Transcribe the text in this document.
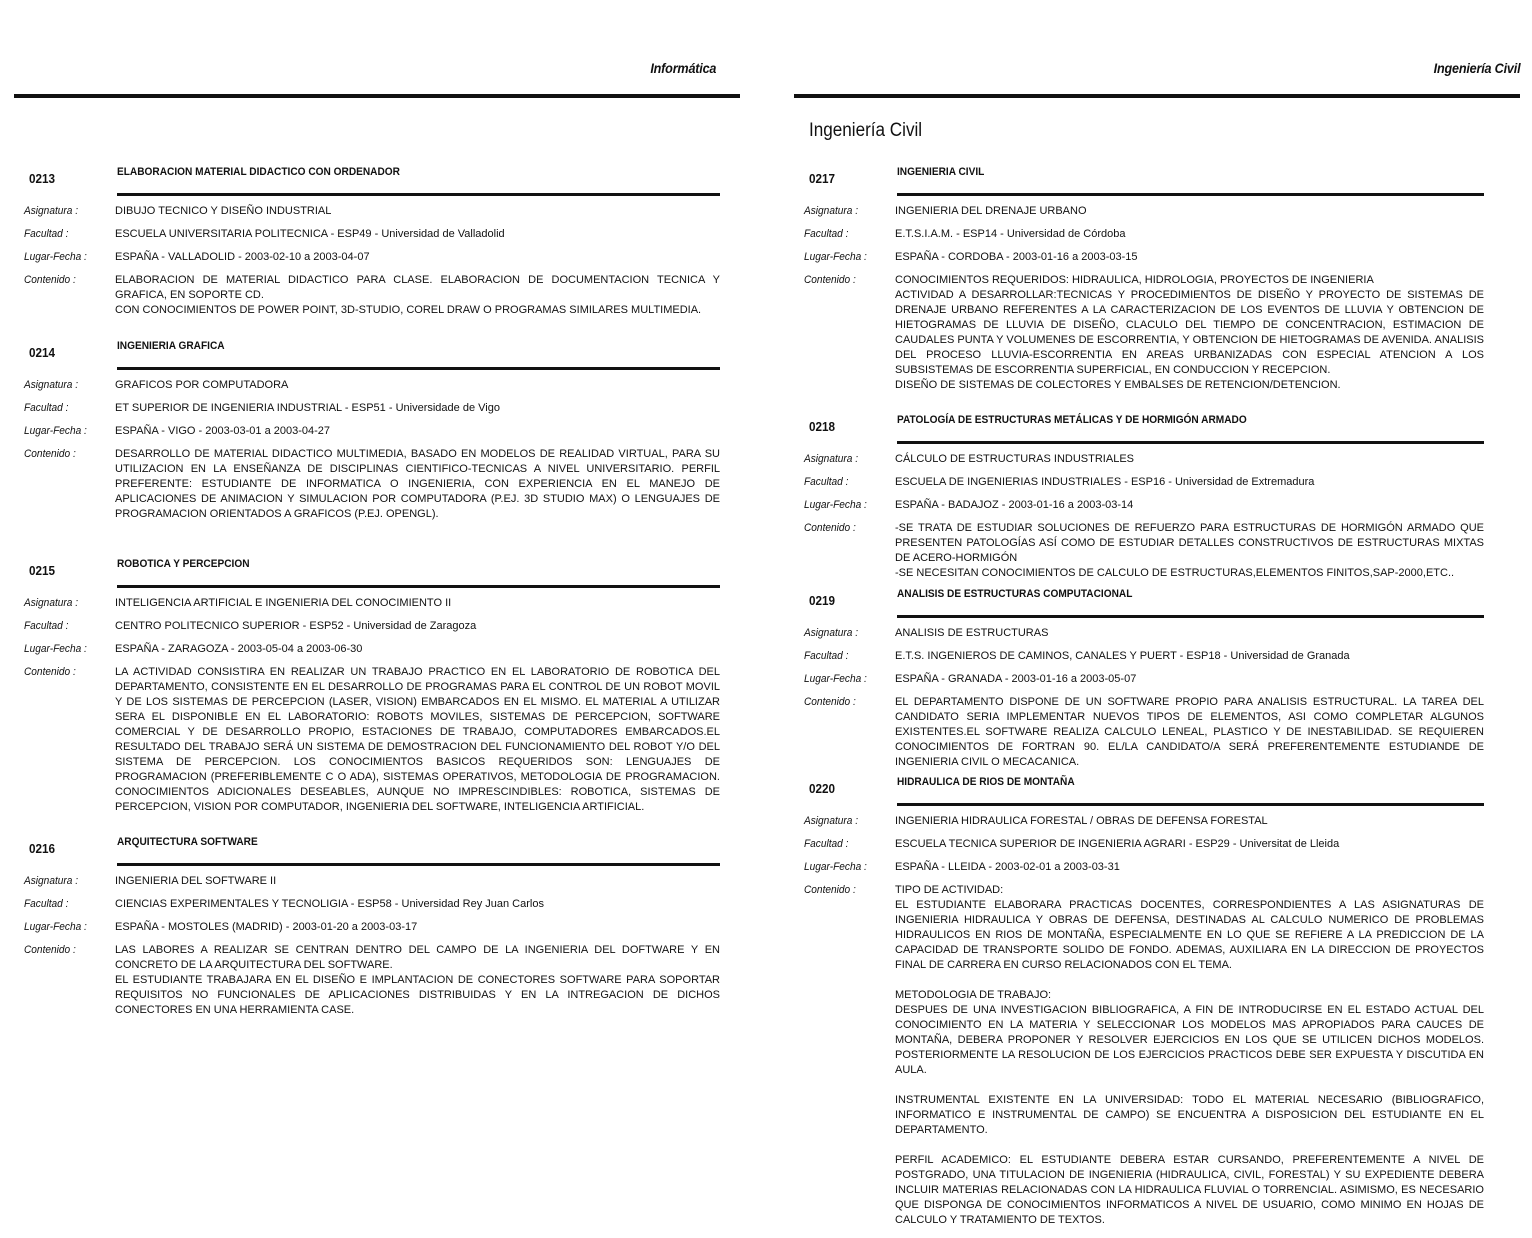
Informática
0213	ELABORACION MATERIAL DIDACTICO CON ORDENADOR
Asignatura :	DIBUJO TECNICO Y DISEÑO INDUSTRIAL
Facultad :	ESCUELA UNIVERSITARIA POLITECNICA - ESP49 - Universidad de Valladolid
Lugar-Fecha :	ESPAÑA - VALLADOLID - 2003-02-10 a 2003-04-07
Contenido :	ELABORACION DE MATERIAL DIDACTICO PARA CLASE. ELABORACION DE DOCUMENTACION TECNICA Y GRAFICA, EN SOPORTE CD.

CON CONOCIMIENTOS DE POWER POINT, 3D-STUDIO, COREL DRAW O PROGRAMAS SIMILARES MULTIMEDIA.

0214	INGENIERIA GRAFICA
Asignatura :	GRAFICOS POR COMPUTADORA
Facultad :	ET SUPERIOR DE INGENIERIA INDUSTRIAL - ESP51 - Universidade de Vigo
Lugar-Fecha :	ESPAÑA - VIGO - 2003-03-01 a 2003-04-27
Contenido :	DESARROLLO DE MATERIAL DIDACTICO MULTIMEDIA, BASADO EN MODELOS DE REALIDAD VIRTUAL, PARA SU UTILIZACION EN LA ENSEÑANZA DE DISCIPLINAS CIENTIFICO-TECNICAS A NIVEL UNIVERSITARIO. PERFIL PREFERENTE: ESTUDIANTE DE INFORMATICA O INGENIERIA, CON EXPERIENCIA EN EL MANEJO DE APLICACIONES DE ANIMACION Y SIMULACION POR COMPUTADORA (P.EJ. 3D STUDIO MAX) O LENGUAJES DE PROGRAMACION ORIENTADOS A GRAFICOS (P.EJ. OPENGL).

0215	ROBOTICA Y PERCEPCION
Asignatura :	INTELIGENCIA ARTIFICIAL E INGENIERIA DEL CONOCIMIENTO II
Facultad :	CENTRO POLITECNICO SUPERIOR - ESP52 - Universidad de Zaragoza
Lugar-Fecha :	ESPAÑA - ZARAGOZA - 2003-05-04 a 2003-06-30
Contenido :	LA ACTIVIDAD CONSISTIRA EN REALIZAR UN TRABAJO PRACTICO EN EL LABORATORIO DE ROBOTICA DEL DEPARTAMENTO, CONSISTENTE EN EL DESARROLLO DE PROGRAMAS PARA EL CONTROL DE UN ROBOT MOVIL Y DE LOS SISTEMAS DE PERCEPCION (LASER, VISION) EMBARCADOS EN EL MISMO. EL MATERIAL A UTILIZAR SERA EL DISPONIBLE EN EL LABORATORIO: ROBOTS MOVILES, SISTEMAS DE PERCEPCION, SOFTWARE COMERCIAL Y DE DESARROLLO PROPIO, ESTACIONES DE TRABAJO, COMPUTADORES EMBARCADOS.EL RESULTADO DEL TRABAJO SERÁ UN SISTEMA DE DEMOSTRACION DEL FUNCIONAMIENTO DEL ROBOT Y/O DEL SISTEMA DE PERCEPCION. LOS CONOCIMIENTOS BASICOS REQUERIDOS SON: LENGUAJES DE PROGRAMACION (PREFERIBLEMENTE C O ADA), SISTEMAS OPERATIVOS, METODOLOGIA DE PROGRAMACION. CONOCIMIENTOS ADICIONALES DESEABLES, AUNQUE NO IMPRESCINDIBLES: ROBOTICA, SISTEMAS DE PERCEPCION, VISION POR COMPUTADOR, INGENIERIA DEL SOFTWARE, INTELIGENCIA ARTIFICIAL.

0216	ARQUITECTURA SOFTWARE
Asignatura :	INGENIERIA DEL SOFTWARE II
Facultad :	CIENCIAS EXPERIMENTALES Y TECNOLIGIA - ESP58 - Universidad Rey Juan Carlos
Lugar-Fecha :	ESPAÑA - MOSTOLES (MADRID) - 2003-01-20 a 2003-03-17
Contenido :	LAS LABORES A REALIZAR SE CENTRAN DENTRO DEL CAMPO DE LA INGENIERIA DEL DOFTWARE Y EN CONCRETO DE LA ARQUITECTURA DEL SOFTWARE.

EL ESTUDIANTE TRABAJARA EN EL DISEÑO E IMPLANTACION DE CONECTORES SOFTWARE PARA SOPORTAR REQUISITOS NO FUNCIONALES DE APLICACIONES DISTRIBUIDAS Y EN LA INTREGACION DE DICHOS CONECTORES EN UNA HERRAMIENTA CASE.

Ingeniería Civil
Ingeniería Civil
0217	INGENIERIA CIVIL
Asignatura :	INGENIERIA DEL DRENAJE URBANO
Facultad :	E.T.S.I.A.M. - ESP14 - Universidad de Córdoba
Lugar-Fecha :	ESPAÑA - CORDOBA - 2003-01-16 a 2003-03-15
Contenido :	CONOCIMIENTOS REQUERIDOS: HIDRAULICA, HIDROLOGIA, PROYECTOS DE INGENIERIA

ACTIVIDAD A DESARROLLAR:TECNICAS Y PROCEDIMIENTOS DE DISEÑO Y PROYECTO DE SISTEMAS DE DRENAJE URBANO REFERENTES A LA CARACTERIZACION DE LOS EVENTOS DE LLUVIA Y OBTENCION DE HIETOGRAMAS DE LLUVIA DE DISEÑO, CLACULO DEL TIEMPO DE CONCENTRACION, ESTIMACION DE CAUDALES PUNTA Y VOLUMENES DE ESCORRENTIA, Y OBTENCION DE HIETOGRAMAS DE AVENIDA. ANALISIS DEL PROCESO LLUVIA-ESCORRENTIA EN AREAS URBANIZADAS CON ESPECIAL ATENCION A LOS SUBSISTEMAS DE ESCORRENTIA SUPERFICIAL, EN CONDUCCION Y RECEPCION.

DISEÑO DE SISTEMAS DE COLECTORES Y EMBALSES DE RETENCION/DETENCION.

0218	PATOLOGÍA DE ESTRUCTURAS METÁLICAS Y DE HORMIGÓN ARMADO
Asignatura :	CÁLCULO DE ESTRUCTURAS INDUSTRIALES
Facultad :	ESCUELA DE INGENIERIAS INDUSTRIALES - ESP16 - Universidad de Extremadura
Lugar-Fecha :	ESPAÑA - BADAJOZ - 2003-01-16 a 2003-03-14
Contenido :	-SE TRATA DE ESTUDIAR SOLUCIONES DE REFUERZO PARA ESTRUCTURAS DE HORMIGÓN ARMADO QUE PRESENTEN PATOLOGÍAS ASÍ COMO DE ESTUDIAR DETALLES CONSTRUCTIVOS DE ESTRUCTURAS MIXTAS DE ACERO-HORMIGÓN

-SE NECESITAN CONOCIMIENTOS DE CALCULO DE ESTRUCTURAS,ELEMENTOS FINITOS,SAP-2000,ETC..

0219	ANALISIS DE ESTRUCTURAS COMPUTACIONAL
Asignatura :	ANALISIS DE ESTRUCTURAS
Facultad :	E.T.S. INGENIEROS DE CAMINOS, CANALES Y PUERT - ESP18 - Universidad de Granada
Lugar-Fecha :	ESPAÑA - GRANADA - 2003-01-16 a 2003-05-07
Contenido :	EL DEPARTAMENTO DISPONE DE UN SOFTWARE PROPIO PARA ANALISIS ESTRUCTURAL. LA TAREA DEL CANDIDATO SERIA IMPLEMENTAR NUEVOS TIPOS DE ELEMENTOS, ASI COMO COMPLETAR ALGUNOS EXISTENTES.EL SOFTWARE REALIZA CALCULO LENEAL, PLASTICO Y DE INESTABILIDAD. SE REQUIEREN CONOCIMIENTOS DE FORTRAN 90. EL/LA CANDIDATO/A SERÁ PREFERENTEMENTE ESTUDIANDE DE INGENIERIA CIVIL O MECACANICA.

0220	HIDRAULICA DE RIOS DE MONTAÑA
Asignatura :	INGENIERIA HIDRAULICA FORESTAL / OBRAS DE DEFENSA FORESTAL
Facultad :	ESCUELA TECNICA SUPERIOR DE INGENIERIA AGRARI - ESP29 - Universitat de Lleida
Lugar-Fecha :	ESPAÑA - LLEIDA - 2003-02-01 a 2003-03-31
Contenido :	TIPO DE ACTIVIDAD:

EL ESTUDIANTE ELABORARA PRACTICAS DOCENTES, CORRESPONDIENTES A LAS ASIGNATURAS DE INGENIERIA HIDRAULICA Y OBRAS DE DEFENSA, DESTINADAS AL CALCULO NUMERICO DE PROBLEMAS HIDRAULICOS EN RIOS DE MONTAÑA, ESPECIALMENTE EN LO QUE SE REFIERE A LA PREDICCION DE LA CAPACIDAD DE TRANSPORTE SOLIDO DE FONDO. ADEMAS, AUXILIARA EN LA DIRECCION DE PROYECTOS FINAL DE CARRERA EN CURSO RELACIONADOS CON EL TEMA.

METODOLOGIA DE TRABAJO:

DESPUES DE UNA INVESTIGACION BIBLIOGRAFICA, A FIN DE INTRODUCIRSE EN EL ESTADO ACTUAL DEL CONOCIMIENTO EN LA MATERIA Y SELECCIONAR LOS MODELOS MAS APROPIADOS PARA CAUCES DE MONTAÑA, DEBERA PROPONER Y RESOLVER EJERCICIOS EN LOS QUE SE UTILICEN DICHOS MODELOS. POSTERIORMENTE LA RESOLUCION DE LOS EJERCICIOS PRACTICOS DEBE SER EXPUESTA Y DISCUTIDA EN AULA.

INSTRUMENTAL EXISTENTE EN LA UNIVERSIDAD: TODO EL MATERIAL NECESARIO (BIBLIOGRAFICO, INFORMATICO E INSTRUMENTAL DE CAMPO) SE ENCUENTRA A DISPOSICION DEL ESTUDIANTE EN EL DEPARTAMENTO.

PERFIL ACADEMICO: EL ESTUDIANTE DEBERA ESTAR CURSANDO, PREFERENTEMENTE A NIVEL DE POSTGRADO, UNA TITULACION DE INGENIERIA (HIDRAULICA, CIVIL, FORESTAL) Y SU EXPEDIENTE DEBERA INCLUIR MATERIAS RELACIONADAS CON LA HIDRAULICA FLUVIAL O TORRENCIAL. ASIMISMO, ES NECESARIO QUE DISPONGA DE CONOCIMIENTOS INFORMATICOS A NIVEL DE USUARIO, COMO MINIMO EN HOJAS DE CALCULO Y TRATAMIENTO DE TEXTOS.
